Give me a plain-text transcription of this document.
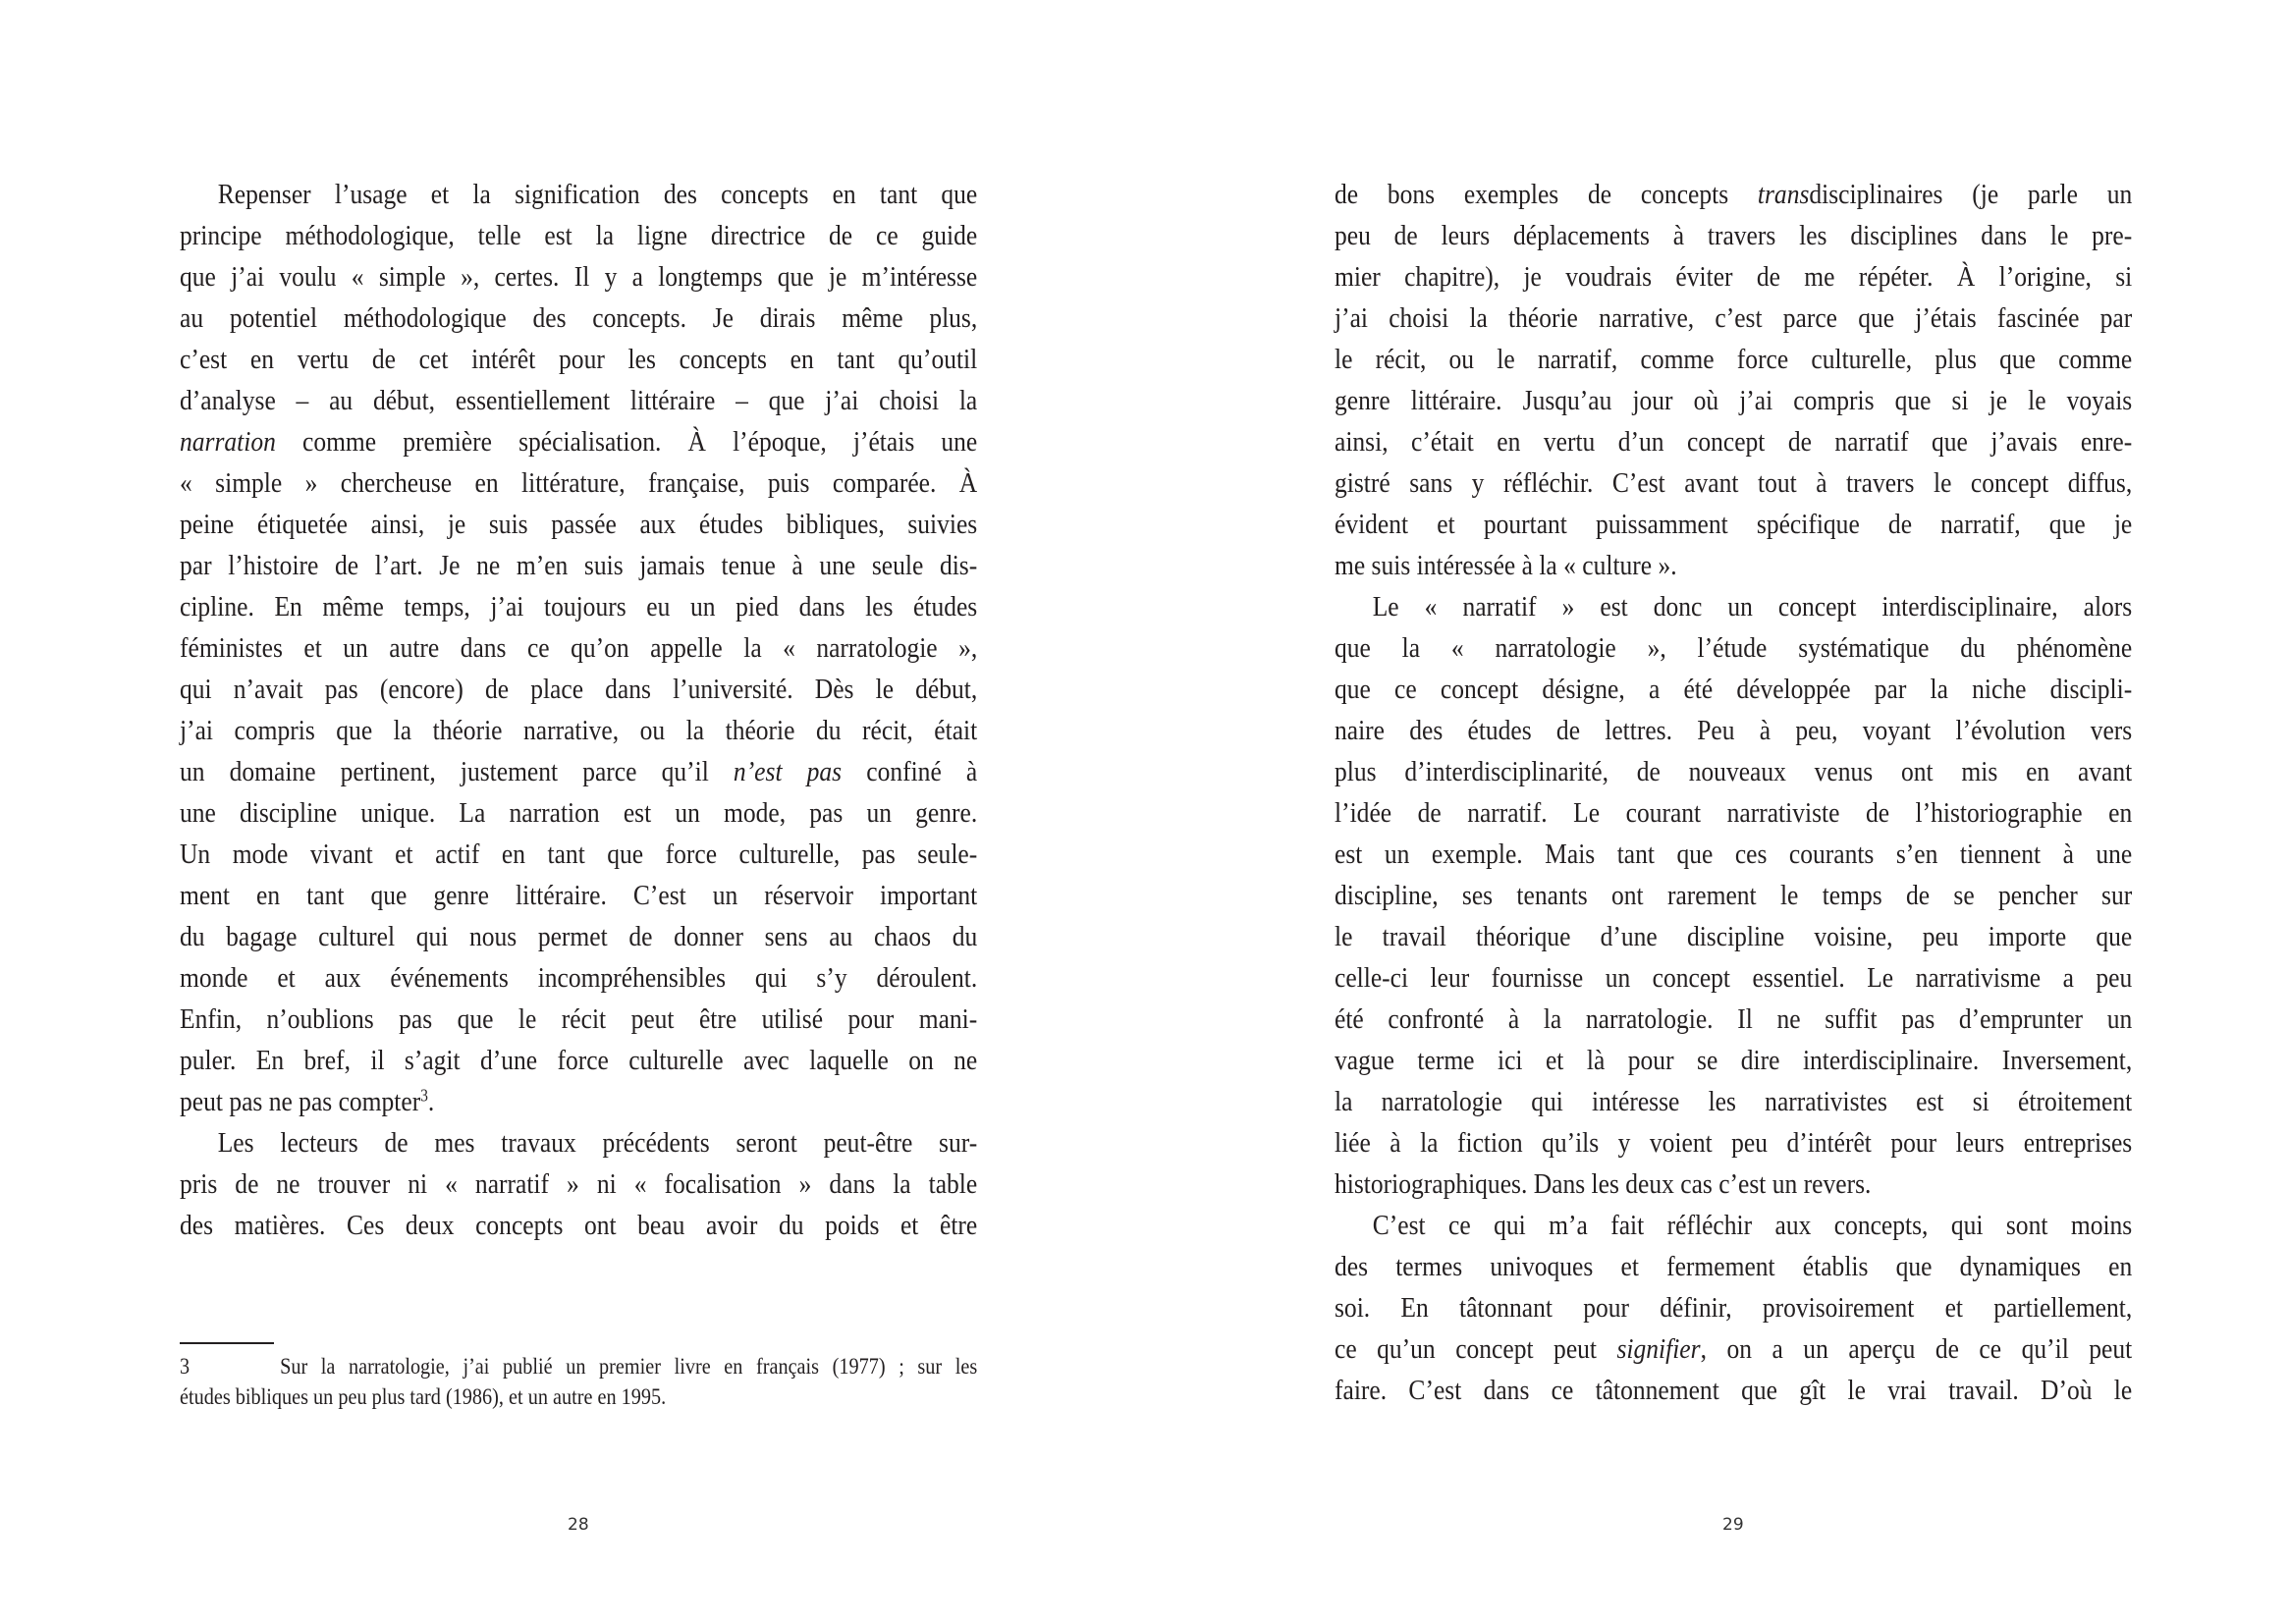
Repenser l’usage et la signification des concepts en tant que
principe méthodologique, telle est la ligne directrice de ce guide
que j’ai voulu « simple », certes. Il y a longtemps que je m’intéresse
au potentiel méthodologique des concepts. Je dirais même plus,
c’est en vertu de cet intérêt pour les concepts en tant qu’outil
d’analyse – au début, essentiellement littéraire – que j’ai choisi la
narration comme première spécialisation. À l’époque, j’étais une
« simple » chercheuse en littérature, française, puis comparée. À
peine étiquetée ainsi, je suis passée aux études bibliques, suivies
par l’histoire de l’art. Je ne m’en suis jamais tenue à une seule dis-
cipline. En même temps, j’ai toujours eu un pied dans les études
féministes et un autre dans ce qu’on appelle la « narratologie »,
qui n’avait pas (encore) de place dans l’université. Dès le début,
j’ai compris que la théorie narrative, ou la théorie du récit, était
un domaine pertinent, justement parce qu’il n’est pas confiné à
une discipline unique. La narration est un mode, pas un genre.
Un mode vivant et actif en tant que force culturelle, pas seule-
ment en tant que genre littéraire. C’est un réservoir important
du bagage culturel qui nous permet de donner sens au chaos du
monde et aux événements incompréhensibles qui s’y déroulent.
Enfin, n’oublions pas que le récit peut être utilisé pour mani-
puler. En bref, il s’agit d’une force culturelle avec laquelle on ne
peut pas ne pas compter$^3$.
Les lecteurs de mes travaux précédents seront peut-être sur-
pris de ne trouver ni « narratif » ni « focalisation » dans la table
des matières. Ces deux concepts ont beau avoir du poids et être
3	Sur la narratologie, j’ai publié un premier livre en français (1977) ; sur les
études bibliques un peu plus tard (1986), et un autre en 1995.
28
de bons exemples de concepts transdisciplinaires (je parle un
peu de leurs déplacements à travers les disciplines dans le pre-
mier chapitre), je voudrais éviter de me répéter. À l’origine, si
j’ai choisi la théorie narrative, c’est parce que j’étais fascinée par
le récit, ou le narratif, comme force culturelle, plus que comme
genre littéraire. Jusqu’au jour où j’ai compris que si je le voyais
ainsi, c’était en vertu d’un concept de narratif que j’avais enre-
gistré sans y réfléchir. C’est avant tout à travers le concept diffus,
évident et pourtant puissamment spécifique de narratif, que je
me suis intéressée à la « culture ».
Le « narratif » est donc un concept interdisciplinaire, alors
que la « narratologie », l’étude systématique du phénomène
que ce concept désigne, a été développée par la niche discipli-
naire des études de lettres. Peu à peu, voyant l’évolution vers
plus d’interdisciplinarité, de nouveaux venus ont mis en avant
l’idée de narratif. Le courant narrativiste de l’historiographie en
est un exemple. Mais tant que ces courants s’en tiennent à une
discipline, ses tenants ont rarement le temps de se pencher sur
le travail théorique d’une discipline voisine, peu importe que
celle-ci leur fournisse un concept essentiel. Le narrativisme a peu
été confronté à la narratologie. Il ne suffit pas d’emprunter un
vague terme ici et là pour se dire interdisciplinaire. Inversement,
la narratologie qui intéresse les narrativistes est si étroitement
liée à la fiction qu’ils y voient peu d’intérêt pour leurs entreprises
historiographiques. Dans les deux cas c’est un revers.
C’est ce qui m’a fait réfléchir aux concepts, qui sont moins
des termes univoques et fermement établis que dynamiques en
soi. En tâtonnant pour définir, provisoirement et partiellement,
ce qu’un concept peut signifier, on a un aperçu de ce qu’il peut
faire. C’est dans ce tâtonnement que gît le vrai travail. D’où le
29
